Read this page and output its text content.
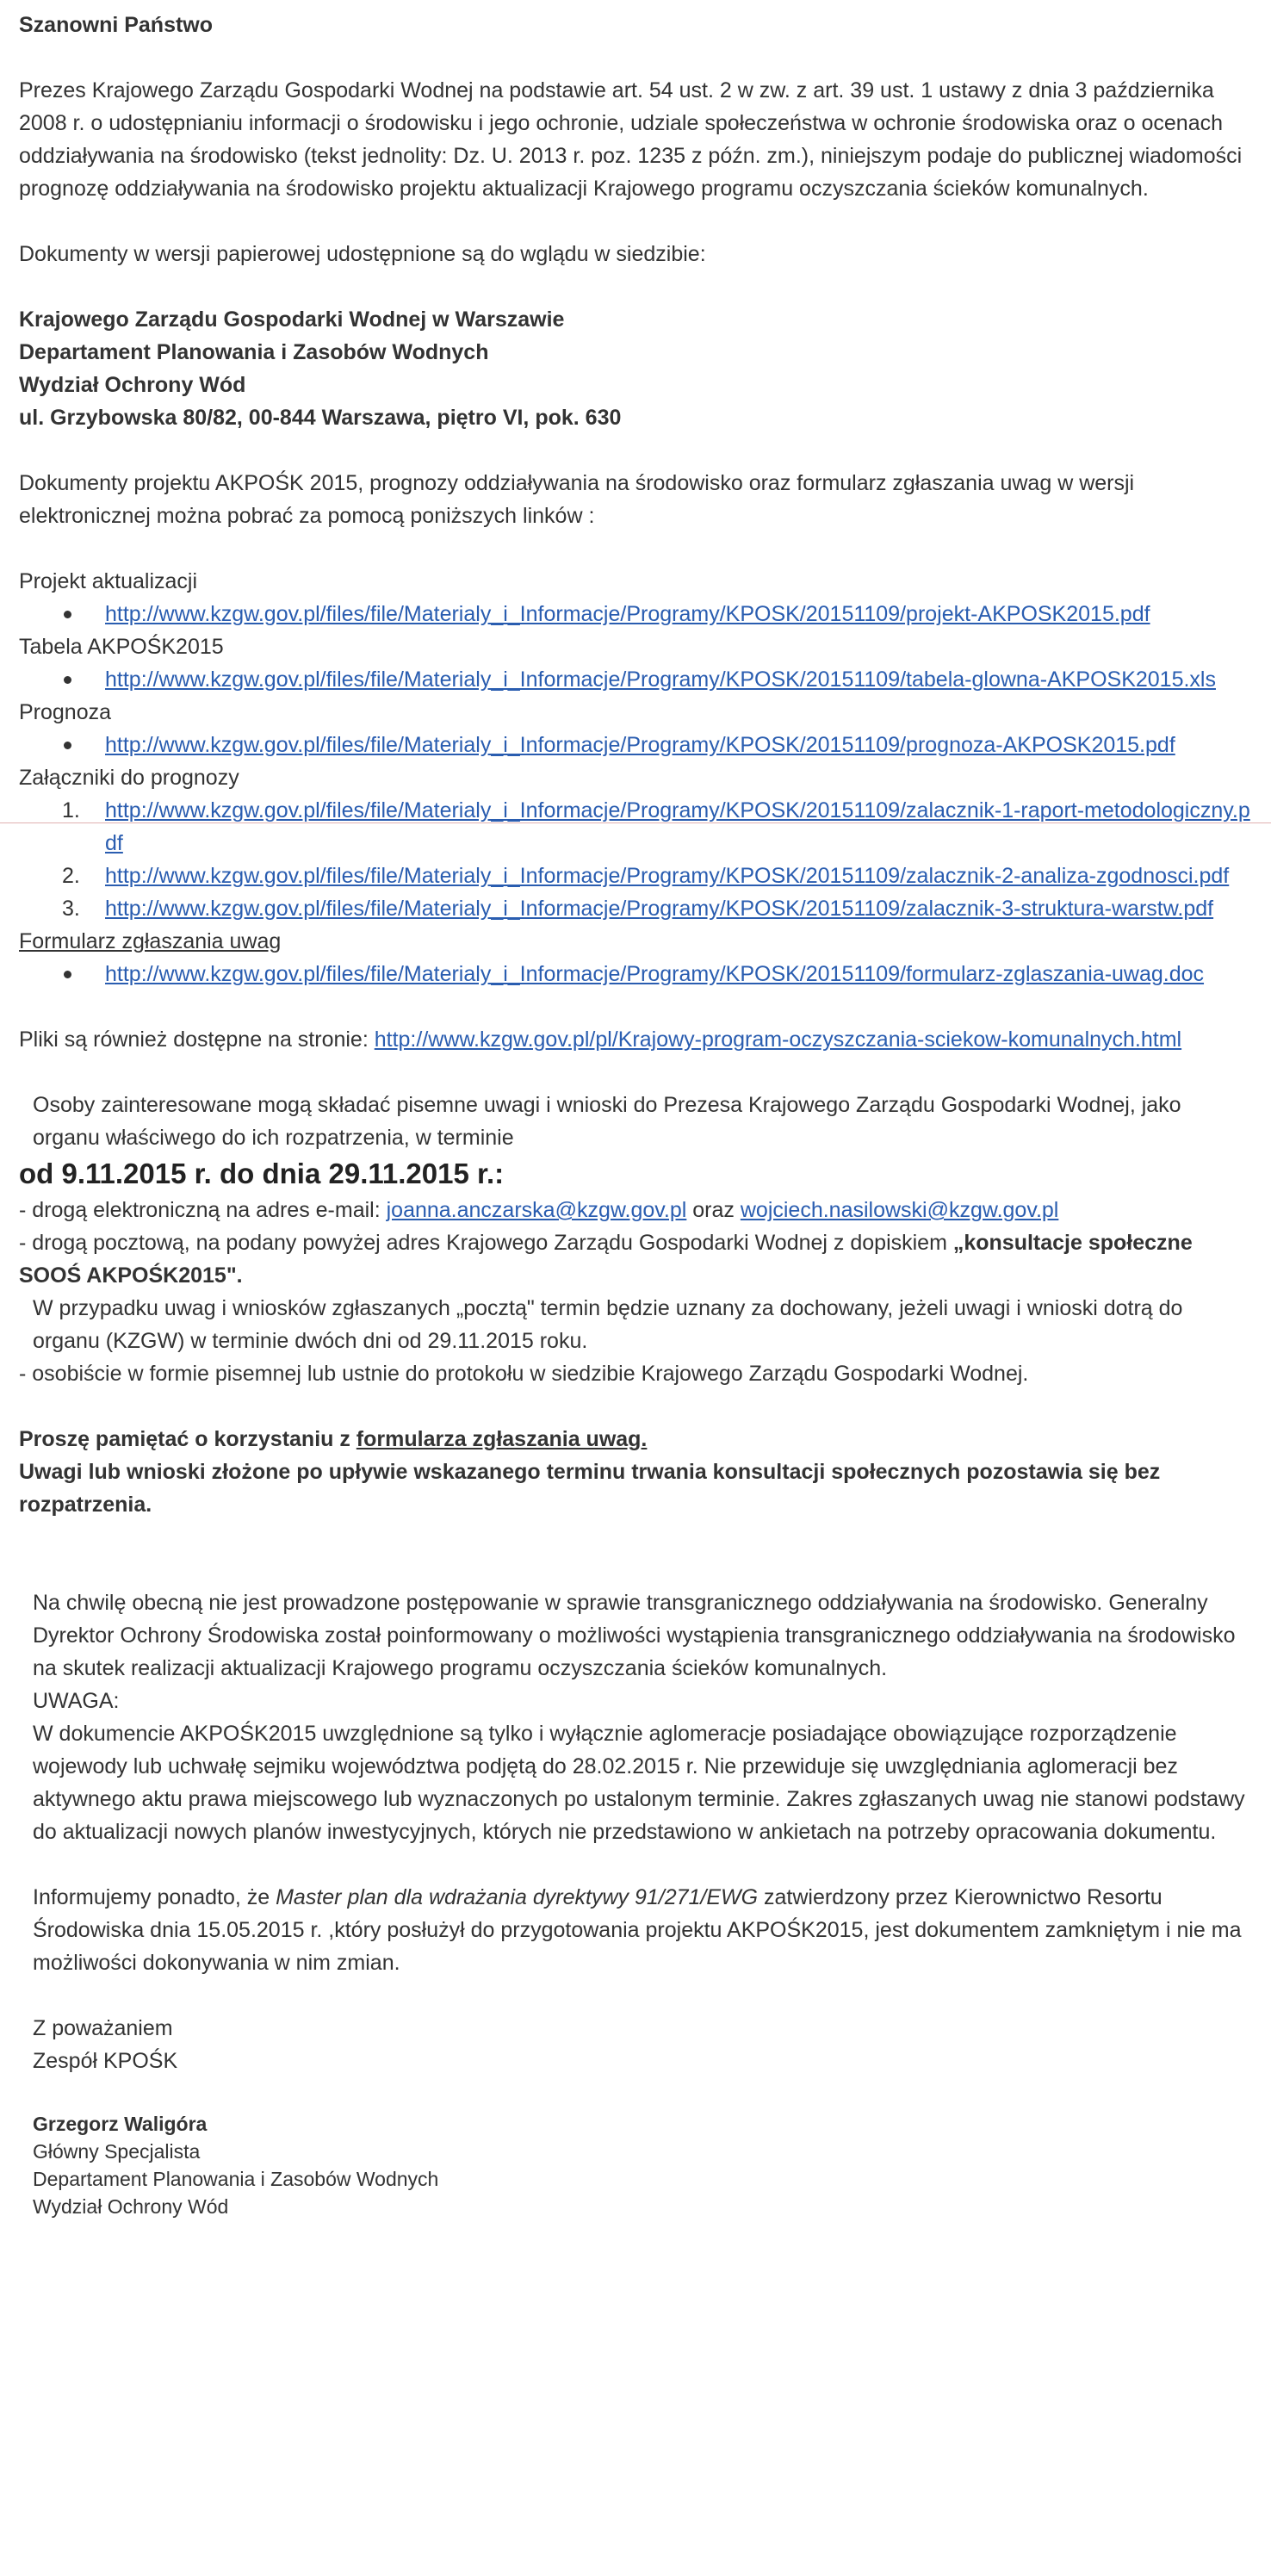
Szanowni Państwo

Prezes Krajowego Zarządu Gospodarki Wodnej na podstawie art. 54 ust. 2 w zw. z art. 39 ust. 1 ustawy z dnia 3 października 2008 r. o udostępnianiu informacji o środowisku i jego ochronie, udziale społeczeństwa w ochronie środowiska oraz o ocenach oddziaływania na środowisko (tekst jednolity: Dz. U. 2013 r. poz. 1235 z późn. zm.), niniejszym podaje do publicznej wiadomości prognozę oddziaływania na środowisko projektu aktualizacji Krajowego programu oczyszczania ścieków komunalnych.

Dokumenty w wersji papierowej udostępnione są do wglądu w siedzibie:

Krajowego Zarządu Gospodarki Wodnej w Warszawie

Departament Planowania i Zasobów Wodnych

Wydział Ochrony Wód

ul. Grzybowska 80/82, 00-844 Warszawa, piętro VI, pok. 630

Dokumenty projektu AKPOŚK 2015, prognozy oddziaływania na środowisko oraz formularz zgłaszania uwag w wersji elektronicznej można pobrać za pomocą poniższych linków :

Projekt aktualizacji
http://www.kzgw.gov.pl/files/file/Materialy_i_Informacje/Programy/KPOSK/20151109/projekt-AKPOSK2015.pdf
Tabela AKPOŚK2015
http://www.kzgw.gov.pl/files/file/Materialy_i_Informacje/Programy/KPOSK/20151109/tabela-glowna-AKPOSK2015.xls
Prognoza
http://www.kzgw.gov.pl/files/file/Materialy_i_Informacje/Programy/KPOSK/20151109/prognoza-AKPOSK2015.pdf
Załączniki do prognozy
1.	http://www.kzgw.gov.pl/files/file/Materialy_i_Informacje/Programy/KPOSK/20151109/zalacznik-1-raport-metodologiczny.pdf
2.	http://www.kzgw.gov.pl/files/file/Materialy_i_Informacje/Programy/KPOSK/20151109/zalacznik-2-analiza-zgodnosci.pdf
3.	http://www.kzgw.gov.pl/files/file/Materialy_i_Informacje/Programy/KPOSK/20151109/zalacznik-3-struktura-warstw.pdf
Formularz zgłaszania uwag
http://www.kzgw.gov.pl/files/file/Materialy_i_Informacje/Programy/KPOSK/20151109/formularz-zglaszania-uwag.doc

Pliki są również dostępne na stronie: http://www.kzgw.gov.pl/pl/Krajowy-program-oczyszczania-sciekow-komunalnych.html

Osoby zainteresowane mogą składać pisemne uwagi i wnioski do Prezesa Krajowego Zarządu Gospodarki Wodnej, jako organu właściwego do ich rozpatrzenia, w terminie

od 9.11.2015 r. do dnia 29.11.2015 r.:

- drogą elektroniczną na adres e-mail: joanna.anczarska@kzgw.gov.pl oraz wojciech.nasilowski@kzgw.gov.pl

- drogą pocztową, na podany powyżej adres Krajowego Zarządu Gospodarki Wodnej z dopiskiem „konsultacje społeczne SOOŚ AKPOŚK2015".

W przypadku uwag i wniosków zgłaszanych „pocztą" termin będzie uznany za dochowany, jeżeli uwagi i wnioski dotrą do organu (KZGW) w terminie dwóch dni od 29.11.2015 roku.

- osobiście w formie pisemnej lub ustnie do protokołu w siedzibie Krajowego Zarządu Gospodarki Wodnej.

Proszę pamiętać o korzystaniu z formularza zgłaszania uwag.

Uwagi lub wnioski złożone po upływie wskazanego terminu trwania konsultacji społecznych pozostawia się bez rozpatrzenia.

Na chwilę obecną nie jest prowadzone postępowanie w sprawie transgranicznego oddziaływania na środowisko. Generalny Dyrektor Ochrony Środowiska został poinformowany o możliwości wystąpienia transgranicznego oddziaływania na środowisko na skutek realizacji aktualizacji Krajowego programu oczyszczania ścieków komunalnych.

UWAGA:

W dokumencie AKPOŚK2015 uwzględnione są tylko i wyłącznie aglomeracje posiadające obowiązujące rozporządzenie wojewody lub uchwałę sejmiku województwa podjętą do 28.02.2015 r. Nie przewiduje się uwzględniania aglomeracji bez aktywnego aktu prawa miejscowego lub wyznaczonych po ustalonym terminie. Zakres zgłaszanych uwag nie stanowi podstawy do aktualizacji nowych planów inwestycyjnych, których nie przedstawiono w ankietach na potrzeby opracowania dokumentu.

Informujemy ponadto, że Master plan dla wdrażania dyrektywy 91/271/EWG zatwierdzony przez Kierownictwo Resortu Środowiska dnia 15.05.2015 r. ,który posłużył do przygotowania projektu AKPOŚK2015, jest dokumentem zamkniętym i nie ma możliwości dokonywania w nim zmian.

Z poważaniem

Zespół KPOŚK

Grzegorz Waligóra

Główny Specjalista

Departament Planowania i Zasobów Wodnych

Wydział Ochrony Wód
